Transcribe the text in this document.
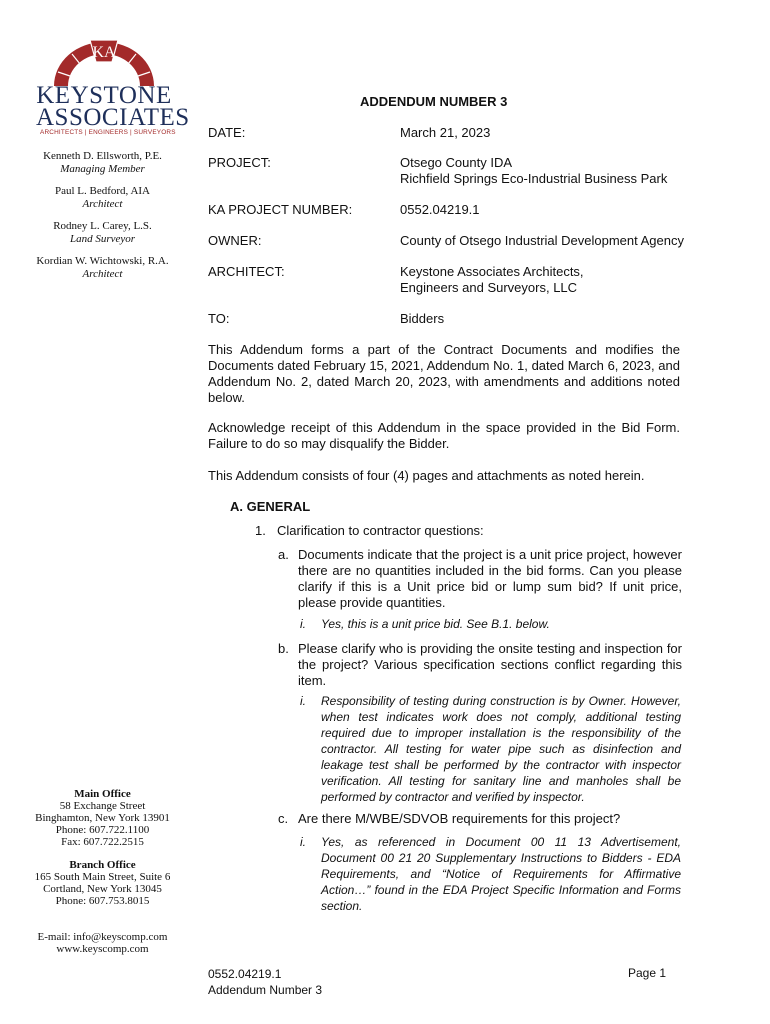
KA
KEYSTONE
ASSOCIATES
ARCHITECTS | ENGINEERS | SURVEYORS
Kenneth D. Ellsworth, P.E.
Managing Member
Paul L. Bedford, AIA
Architect
Rodney L. Carey, L.S.
Land Surveyor
Kordian W. Wichtowski, R.A.
Architect
Main Office
58 Exchange Street
Binghamton, New York 13901
Phone: 607.722.1100
Fax: 607.722.2515
Branch Office
165 South Main Street, Suite 6
Cortland, New York 13045
Phone: 607.753.8015
E-mail: info@keyscomp.com
www.keyscomp.com
ADDENDUM NUMBER 3
DATE:	March 21, 2023
PROJECT:	Otsego County IDA
Richfield Springs Eco-Industrial Business Park
KA PROJECT NUMBER:	0552.04219.1
OWNER:	County of Otsego Industrial Development Agency
ARCHITECT:	Keystone Associates Architects,
Engineers and Surveyors, LLC
TO:	Bidders

This Addendum forms a part of the Contract Documents and modifies the Documents dated February 15, 2021, Addendum No. 1, dated March 6, 2023, and Addendum No. 2, dated March 20, 2023, with amendments and additions noted below.

Acknowledge receipt of this Addendum in the space provided in the Bid Form. Failure to do so may disqualify the Bidder.

This Addendum consists of four (4) pages and attachments as noted herein.

A. GENERAL
1. Clarification to contractor questions:
a. Documents indicate that the project is a unit price project, however there are no quantities included in the bid forms. Can you please clarify if this is a Unit price bid or lump sum bid? If unit price, please provide quantities.
i. Yes, this is a unit price bid. See B.1. below.
b. Please clarify who is providing the onsite testing and inspection for the project? Various specification sections conflict regarding this item.
i. Responsibility of testing during construction is by Owner. However, when test indicates work does not comply, additional testing required due to improper installation is the responsibility of the contractor. All testing for water pipe such as disinfection and leakage test shall be performed by the contractor with inspector verification. All testing for sanitary line and manholes shall be performed by contractor and verified by inspector.
c. Are there M/WBE/SDVOB requirements for this project?
i. Yes, as referenced in Document 00 11 13 Advertisement, Document 00 21 20 Supplementary Instructions to Bidders - EDA Requirements, and “Notice of Requirements for Affirmative Action…” found in the EDA Project Specific Information and Forms section.
0552.04219.1
Addendum Number 3
Page 1
